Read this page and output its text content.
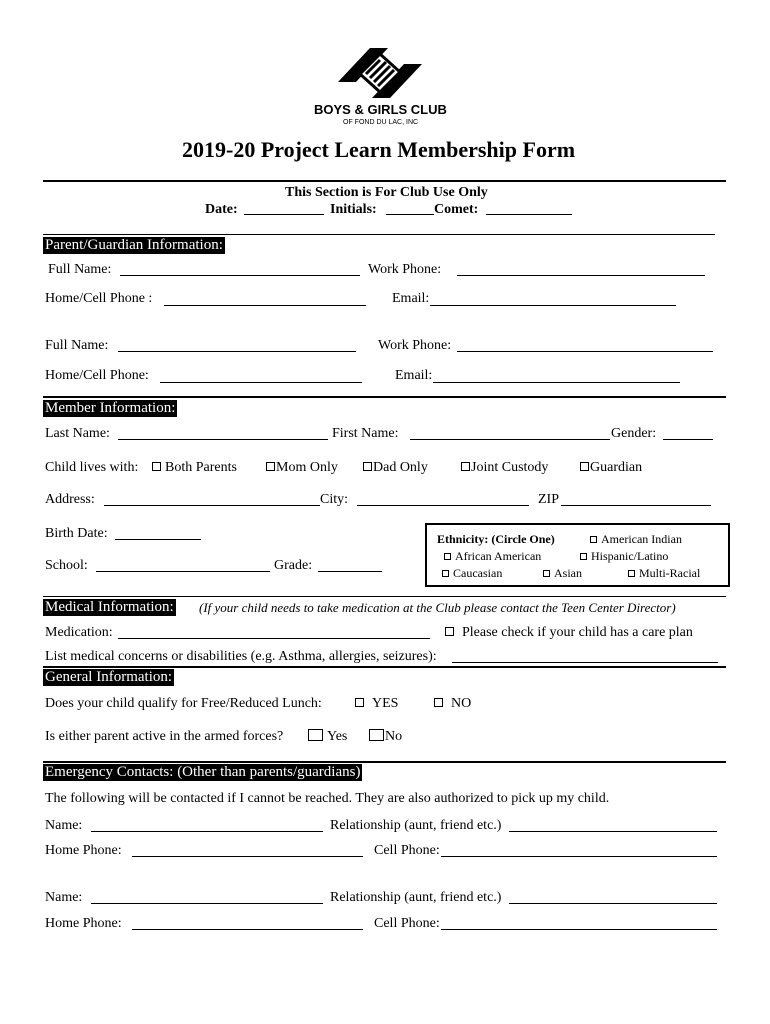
BOYS & GIRLS CLUB
OF FOND DU LAC, INC
2019-20 Project Learn Membership Form
This Section is For Club Use Only
Date:	Initials:	Comet:
Parent/Guardian Information:
Full Name:	Work Phone:
Home/Cell Phone :	Email:
Full Name:	Work Phone:
Home/Cell Phone:	Email:
Member Information:
Last Name:	First Name:	Gender:
Child lives with:	Both Parents	Mom Only	Dad Only	Joint Custody	Guardian
Address:	City:	ZIP
Birth Date:
School:	Grade:
Ethnicity: (Circle One)	American Indian
African American	Hispanic/Latino
Caucasian	Asian	Multi-Racial
Medical Information: (If your child needs to take medication at the Club please contact the Teen Center Director)
Medication:	Please check if your child has a care plan
List medical concerns or disabilities (e.g. Asthma, allergies, seizures):
General Information:
Does your child qualify for Free/Reduced Lunch:	YES	NO
Is either parent active in the armed forces?	Yes	No
Emergency Contacts: (Other than parents/guardians)
The following will be contacted if I cannot be reached. They are also authorized to pick up my child.
Name:	Relationship (aunt, friend etc.)
Home Phone:	Cell Phone:
Name:	Relationship (aunt, friend etc.)
Home Phone:	Cell Phone:
